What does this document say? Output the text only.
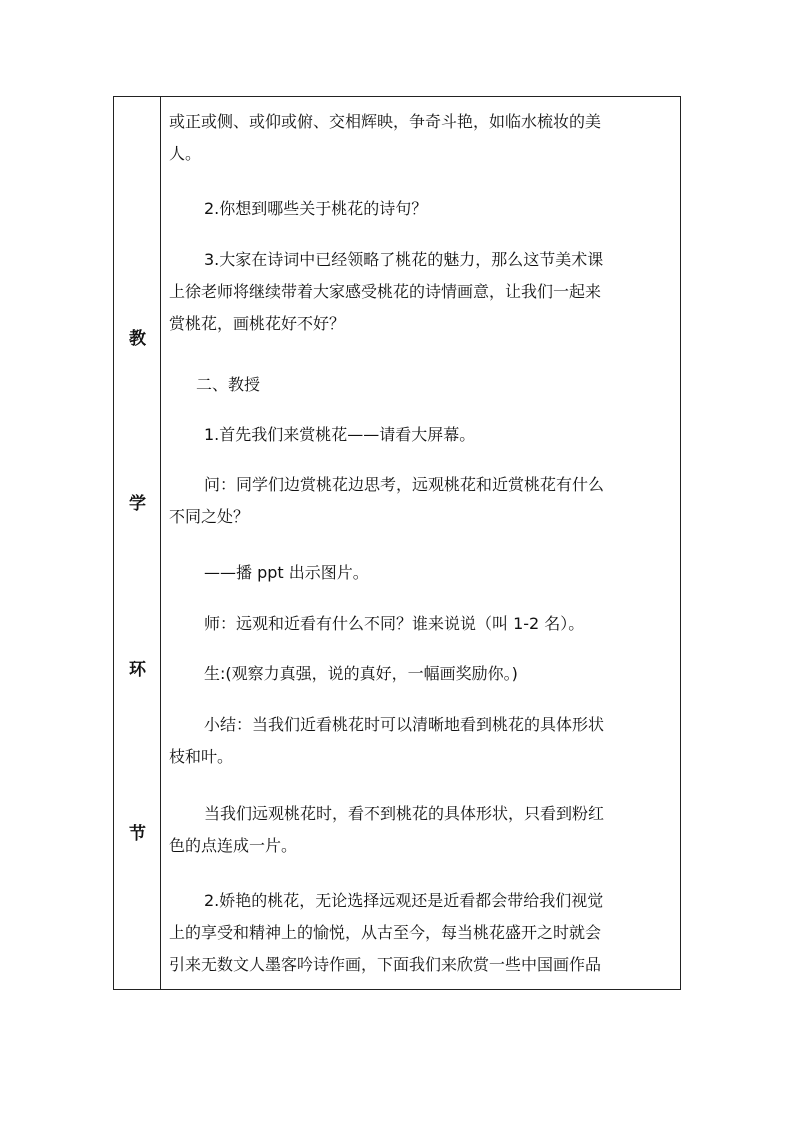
教
学
环
节
或正或侧、或仰或俯、交相辉映，争奇斗艳，如临水梳妆的美
人。
2.你想到哪些关于桃花的诗句？
3.大家在诗词中已经领略了桃花的魅力，那么这节美术课
上徐老师将继续带着大家感受桃花的诗情画意，让我们一起来
赏桃花，画桃花好不好？
二、教授
1.首先我们来赏桃花——请看大屏幕。
问：同学们边赏桃花边思考，远观桃花和近赏桃花有什么
不同之处？
——播 ppt 出示图片。
师：远观和近看有什么不同？谁来说说（叫 1-2 名）。
生:(观察力真强，说的真好，一幅画奖励你。)
小结：当我们近看桃花时可以清晰地看到桃花的具体形状
枝和叶。
当我们远观桃花时，看不到桃花的具体形状，只看到粉红
色的点连成一片。
2.娇艳的桃花，无论选择远观还是近看都会带给我们视觉
上的享受和精神上的愉悦，从古至今，每当桃花盛开之时就会
引来无数文人墨客吟诗作画，下面我们来欣赏一些中国画作品
